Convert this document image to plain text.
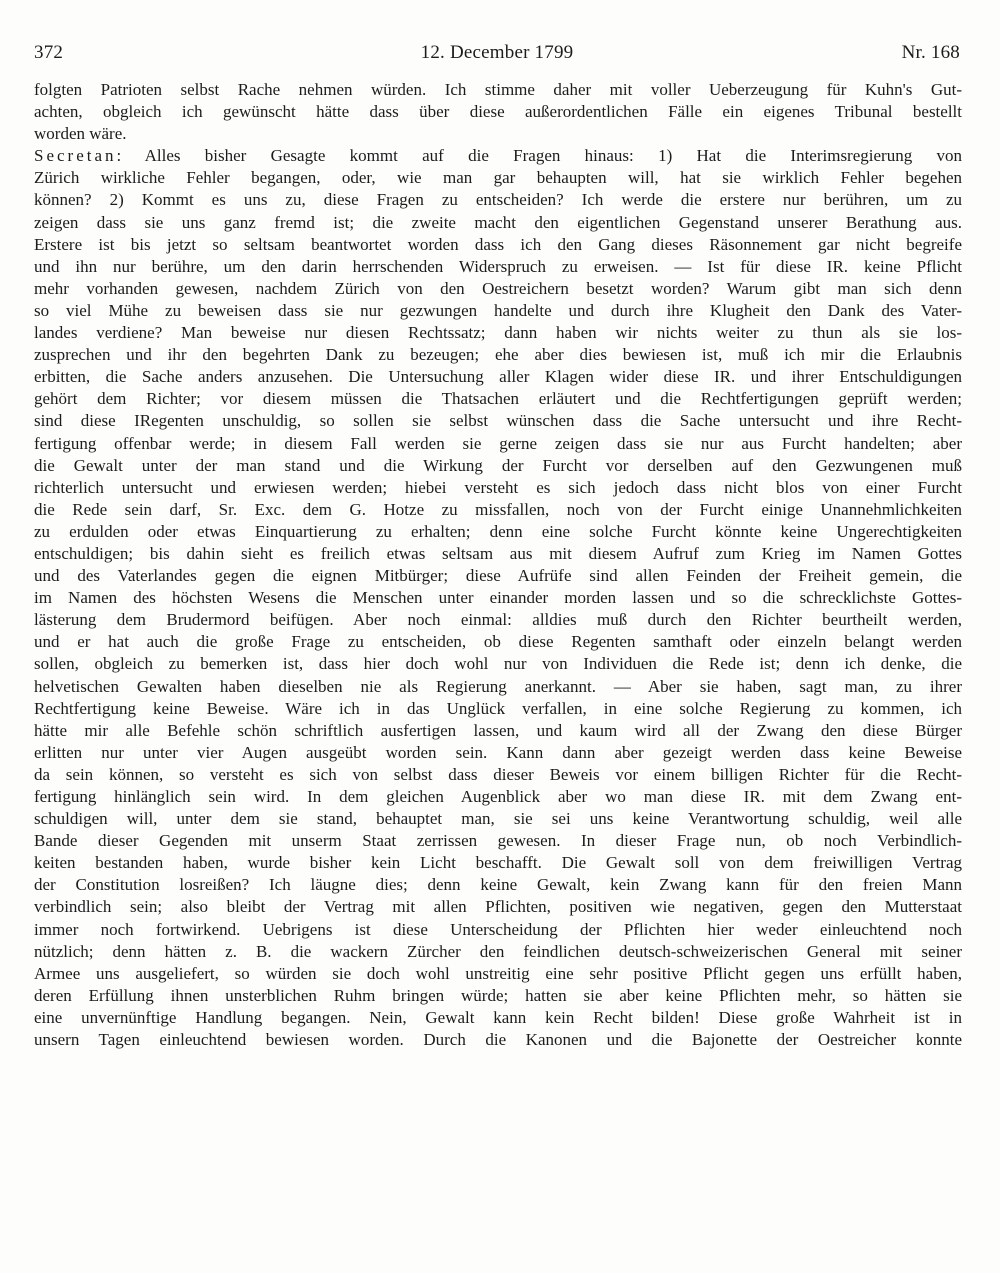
372	12. December 1799	Nr. 168
folgten Patrioten selbst Rache nehmen würden. Ich stimme daher mit voller Ueberzeugung für Kuhn's Gut-
achten, obgleich ich gewünscht hätte dass über diese außerordentlichen Fälle ein eigenes Tribunal bestellt
worden wäre.
Secretan: Alles bisher Gesagte kommt auf die Fragen hinaus: 1) Hat die Interimsregierung von
Zürich wirkliche Fehler begangen, oder, wie man gar behaupten will, hat sie wirklich Fehler begehen
können? 2) Kommt es uns zu, diese Fragen zu entscheiden? Ich werde die erstere nur berühren, um zu
zeigen dass sie uns ganz fremd ist; die zweite macht den eigentlichen Gegenstand unserer Berathung aus.
Erstere ist bis jetzt so seltsam beantwortet worden dass ich den Gang dieses Räsonnement gar nicht begreife
und ihn nur berühre, um den darin herrschenden Widerspruch zu erweisen. — Ist für diese IR. keine Pflicht
mehr vorhanden gewesen, nachdem Zürich von den Oestreichern besetzt worden? Warum gibt man sich denn
so viel Mühe zu beweisen dass sie nur gezwungen handelte und durch ihre Klugheit den Dank des Vater-
landes verdiene? Man beweise nur diesen Rechtssatz; dann haben wir nichts weiter zu thun als sie los-
zusprechen und ihr den begehrten Dank zu bezeugen; ehe aber dies bewiesen ist, muß ich mir die Erlaubnis
erbitten, die Sache anders anzusehen. Die Untersuchung aller Klagen wider diese IR. und ihrer Entschuldigungen
gehört dem Richter; vor diesem müssen die Thatsachen erläutert und die Rechtfertigungen geprüft werden;
sind diese IRegenten unschuldig, so sollen sie selbst wünschen dass die Sache untersucht und ihre Recht-
fertigung offenbar werde; in diesem Fall werden sie gerne zeigen dass sie nur aus Furcht handelten; aber
die Gewalt unter der man stand und die Wirkung der Furcht vor derselben auf den Gezwungenen muß
richterlich untersucht und erwiesen werden; hiebei versteht es sich jedoch dass nicht blos von einer Furcht
die Rede sein darf, Sr. Exc. dem G. Hotze zu missfallen, noch von der Furcht einige Unannehmlichkeiten
zu erdulden oder etwas Einquartierung zu erhalten; denn eine solche Furcht könnte keine Ungerechtigkeiten
entschuldigen; bis dahin sieht es freilich etwas seltsam aus mit diesem Aufruf zum Krieg im Namen Gottes
und des Vaterlandes gegen die eignen Mitbürger; diese Aufrüfe sind allen Feinden der Freiheit gemein, die
im Namen des höchsten Wesens die Menschen unter einander morden lassen und so die schrecklichste Gottes-
lästerung dem Brudermord beifügen. Aber noch einmal: alldies muß durch den Richter beurtheilt werden,
und er hat auch die große Frage zu entscheiden, ob diese Regenten samthaft oder einzeln belangt werden
sollen, obgleich zu bemerken ist, dass hier doch wohl nur von Individuen die Rede ist; denn ich denke, die
helvetischen Gewalten haben dieselben nie als Regierung anerkannt. — Aber sie haben, sagt man, zu ihrer
Rechtfertigung keine Beweise. Wäre ich in das Unglück verfallen, in eine solche Regierung zu kommen, ich
hätte mir alle Befehle schön schriftlich ausfertigen lassen, und kaum wird all der Zwang den diese Bürger
erlitten nur unter vier Augen ausgeübt worden sein. Kann dann aber gezeigt werden dass keine Beweise
da sein können, so versteht es sich von selbst dass dieser Beweis vor einem billigen Richter für die Recht-
fertigung hinlänglich sein wird. In dem gleichen Augenblick aber wo man diese IR. mit dem Zwang ent-
schuldigen will, unter dem sie stand, behauptet man, sie sei uns keine Verantwortung schuldig, weil alle
Bande dieser Gegenden mit unserm Staat zerrissen gewesen. In dieser Frage nun, ob noch Verbindlich-
keiten bestanden haben, wurde bisher kein Licht beschafft. Die Gewalt soll von dem freiwilligen Vertrag
der Constitution losreißen? Ich läugne dies; denn keine Gewalt, kein Zwang kann für den freien Mann
verbindlich sein; also bleibt der Vertrag mit allen Pflichten, positiven wie negativen, gegen den Mutterstaat
immer noch fortwirkend. Uebrigens ist diese Unterscheidung der Pflichten hier weder einleuchtend noch
nützlich; denn hätten z. B. die wackern Zürcher den feindlichen deutsch-schweizerischen General mit seiner
Armee uns ausgeliefert, so würden sie doch wohl unstreitig eine sehr positive Pflicht gegen uns erfüllt haben,
deren Erfüllung ihnen unsterblichen Ruhm bringen würde; hatten sie aber keine Pflichten mehr, so hätten sie
eine unvernünftige Handlung begangen. Nein, Gewalt kann kein Recht bilden! Diese große Wahrheit ist in
unsern Tagen einleuchtend bewiesen worden. Durch die Kanonen und die Bajonette der Oestreicher konnte
